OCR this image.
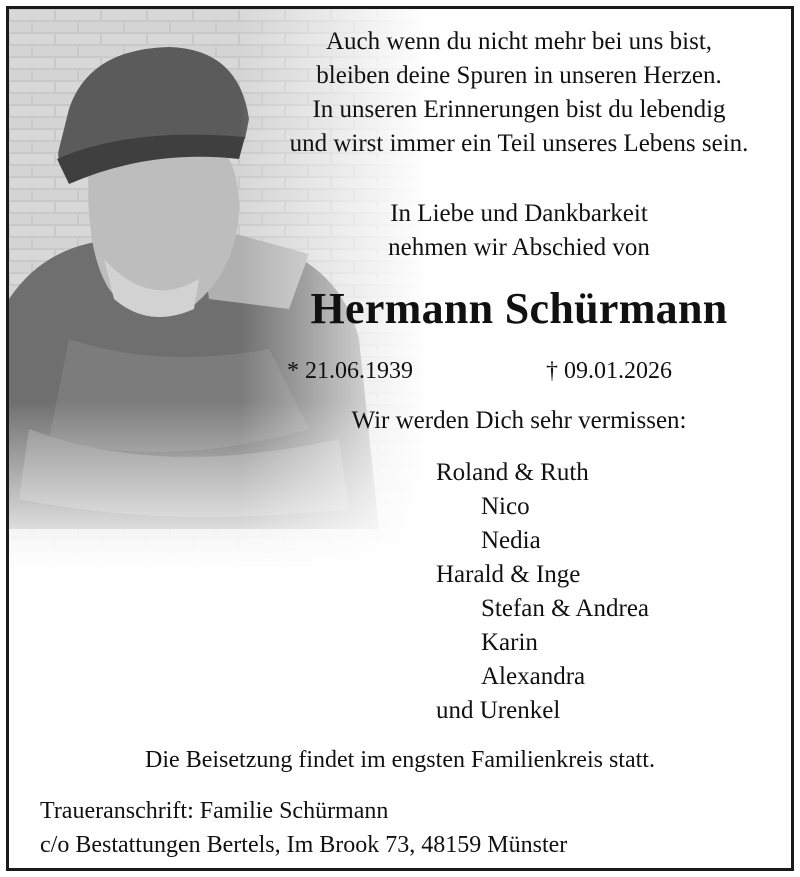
Auch wenn du nicht mehr bei uns bist,
bleiben deine Spuren in unseren Herzen.
In unseren Erinnerungen bist du lebendig
und wirst immer ein Teil unseres Lebens sein.
In Liebe und Dankbarkeit
nehmen wir Abschied von
Hermann Schürmann
* 21.06.1939	† 09.01.2026
Wir werden Dich sehr vermissen:
Roland & Ruth
Nico
Nedia
Harald & Inge
Stefan & Andrea
Karin
Alexandra
und Urenkel
Die Beisetzung findet im engsten Familienkreis statt.
Traueranschrift: Familie Schürmann
c/o Bestattungen Bertels, Im Brook 73, 48159 Münster
